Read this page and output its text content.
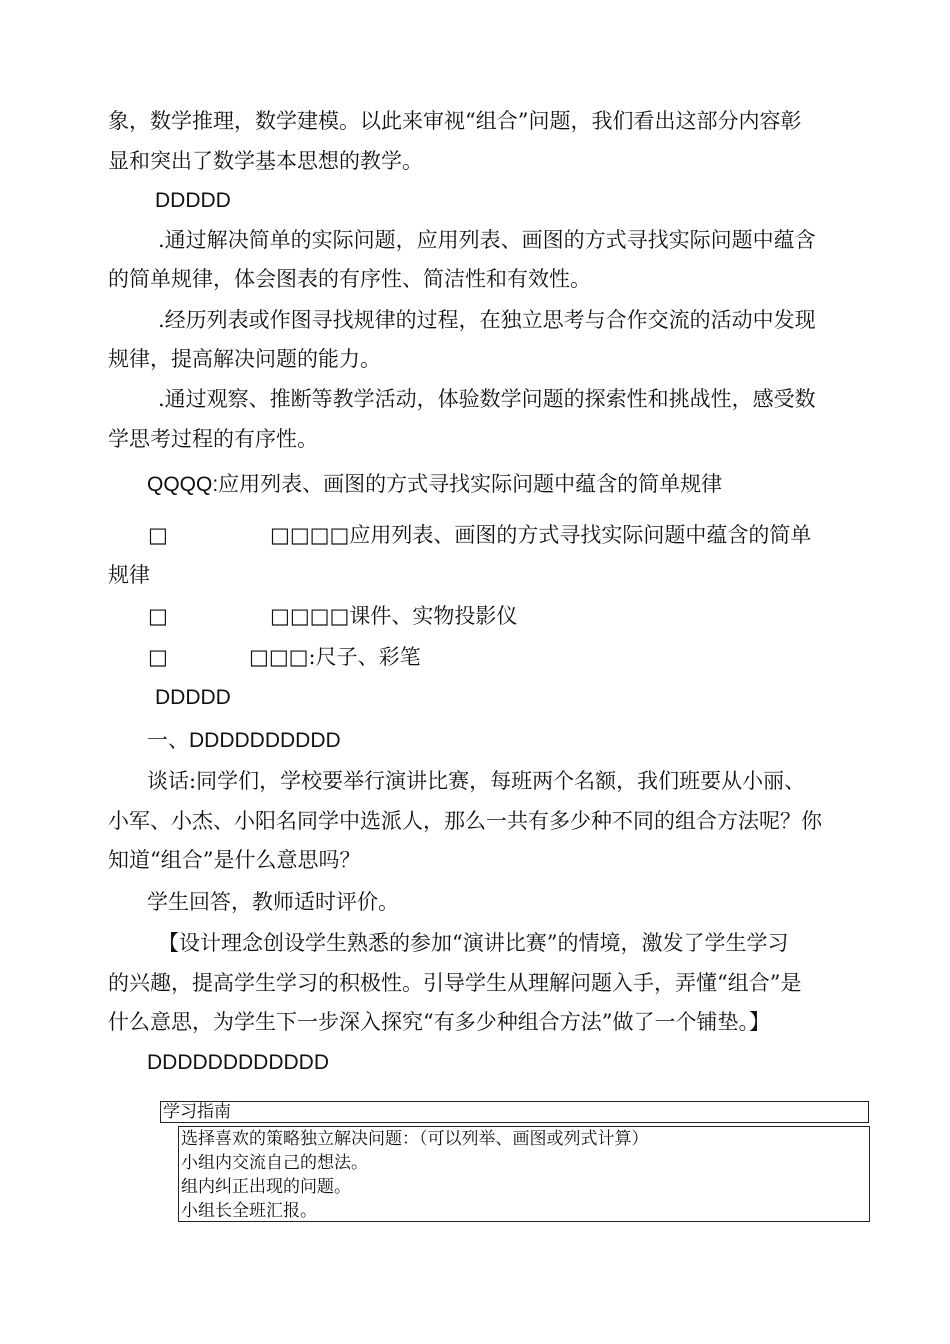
象，数学推理，数学建模。以此来审视“组合”问题，我们看出这部分内容彰
显和突出了数学基本思想的教学。
DDDDD
.通过解决简单的实际问题，应用列表、画图的方式寻找实际问题中蕴含
的简单规律，体会图表的有序性、简洁性和有效性。
.经历列表或作图寻找规律的过程，在独立思考与合作交流的活动中发现
规律，提高解决问题的能力。
.通过观察、推断等教学活动，体验数学问题的探索性和挑战性，感受数
学思考过程的有序性。
QQQQ:应用列表、画图的方式寻找实际问题中蕴含的简单规律
□	□□□□应用列表、画图的方式寻找实际问题中蕴含的简单
规律
□	□□□□课件、实物投影仪
□	□□□:尺子、彩笔
DDDDD
一、DDDDDDDDDD
谈话:同学们，学校要举行演讲比赛，每班两个名额，我们班要从小丽、
小军、小杰、小阳名同学中选派人，那么一共有多少种不同的组合方法呢？你
知道“组合”是什么意思吗？
学生回答，教师适时评价。
【设计理念创设学生熟悉的参加“演讲比赛”的情境，激发了学生学习
的兴趣，提高学生学习的积极性。引导学生从理解问题入手，弄懂“组合”是
什么意思，为学生下一步深入探究“有多少种组合方法”做了一个铺垫。】
DDDDDDDDDDDD
学习指南
选择喜欢的策略独立解决问题：（可以列举、画图或列式计算）
小组内交流自己的想法。
组内纠正出现的问题。
小组长全班汇报。
